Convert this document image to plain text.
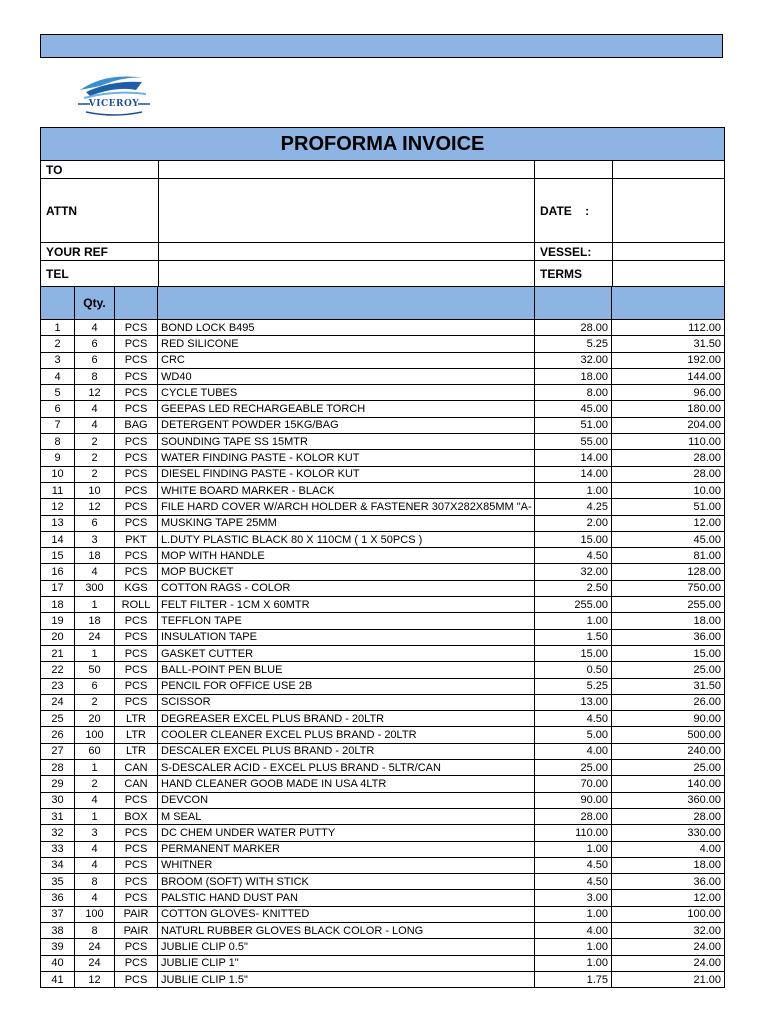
VICEROY
PROFORMA INVOICE			
TO			
ATTN		DATE    :	
YOUR REF		VESSEL:	
TEL		TERMS	
	Qty.				
1	4	PCS	BOND LOCK B495	28.00	112.00
2	6	PCS	RED SILICONE	5.25	31.50
3	6	PCS	CRC	32.00	192.00
4	8	PCS	WD40	18.00	144.00
5	12	PCS	CYCLE TUBES	8.00	96.00
6	4	PCS	GEEPAS LED RECHARGEABLE TORCH	45.00	180.00
7	4	BAG	DETERGENT POWDER 15KG/BAG	51.00	204.00
8	2	PCS	SOUNDING TAPE SS 15MTR	55.00	110.00
9	2	PCS	WATER FINDING PASTE - KOLOR KUT	14.00	28.00
10	2	PCS	DIESEL FINDING PASTE - KOLOR KUT	14.00	28.00
11	10	PCS	WHITE BOARD MARKER - BLACK	1.00	10.00
12	12	PCS	FILE HARD COVER W/ARCH HOLDER & FASTENER 307X282X85MM "A-	4.25	51.00
13	6	PCS	MUSKING TAPE 25MM	2.00	12.00
14	3	PKT	L.DUTY PLASTIC BLACK 80 X 110CM ( 1 X 50PCS )	15.00	45.00
15	18	PCS	MOP WITH HANDLE	4.50	81.00
16	4	PCS	MOP BUCKET	32.00	128.00
17	300	KGS	COTTON RAGS - COLOR	2.50	750.00
18	1	ROLL	FELT FILTER - 1CM X 60MTR	255.00	255.00
19	18	PCS	TEFFLON TAPE	1.00	18.00
20	24	PCS	INSULATION TAPE	1.50	36.00
21	1	PCS	GASKET CUTTER	15.00	15.00
22	50	PCS	BALL-POINT PEN BLUE	0.50	25.00
23	6	PCS	PENCIL FOR OFFICE USE 2B	5.25	31.50
24	2	PCS	SCISSOR	13.00	26.00
25	20	LTR	DEGREASER EXCEL PLUS BRAND - 20LTR	4.50	90.00
26	100	LTR	COOLER CLEANER EXCEL PLUS BRAND - 20LTR	5.00	500.00
27	60	LTR	DESCALER EXCEL PLUS BRAND - 20LTR	4.00	240.00
28	1	CAN	S-DESCALER ACID - EXCEL PLUS BRAND - 5LTR/CAN	25.00	25.00
29	2	CAN	HAND CLEANER GOOB MADE IN USA 4LTR	70.00	140.00
30	4	PCS	DEVCON	90.00	360.00
31	1	BOX	M SEAL	28.00	28.00
32	3	PCS	DC CHEM UNDER WATER PUTTY	110.00	330.00
33	4	PCS	PERMANENT MARKER	1.00	4.00
34	4	PCS	WHITNER	4.50	18.00
35	8	PCS	BROOM (SOFT) WITH STICK	4.50	36.00
36	4	PCS	PALSTIC HAND DUST PAN	3.00	12.00
37	100	PAIR	COTTON GLOVES- KNITTED	1.00	100.00
38	8	PAIR	NATURL RUBBER GLOVES BLACK COLOR - LONG	4.00	32.00
39	24	PCS	JUBLIE CLIP 0.5"	1.00	24.00
40	24	PCS	JUBLIE CLIP 1"	1.00	24.00
41	12	PCS	JUBLIE CLIP 1.5"	1.75	21.00
